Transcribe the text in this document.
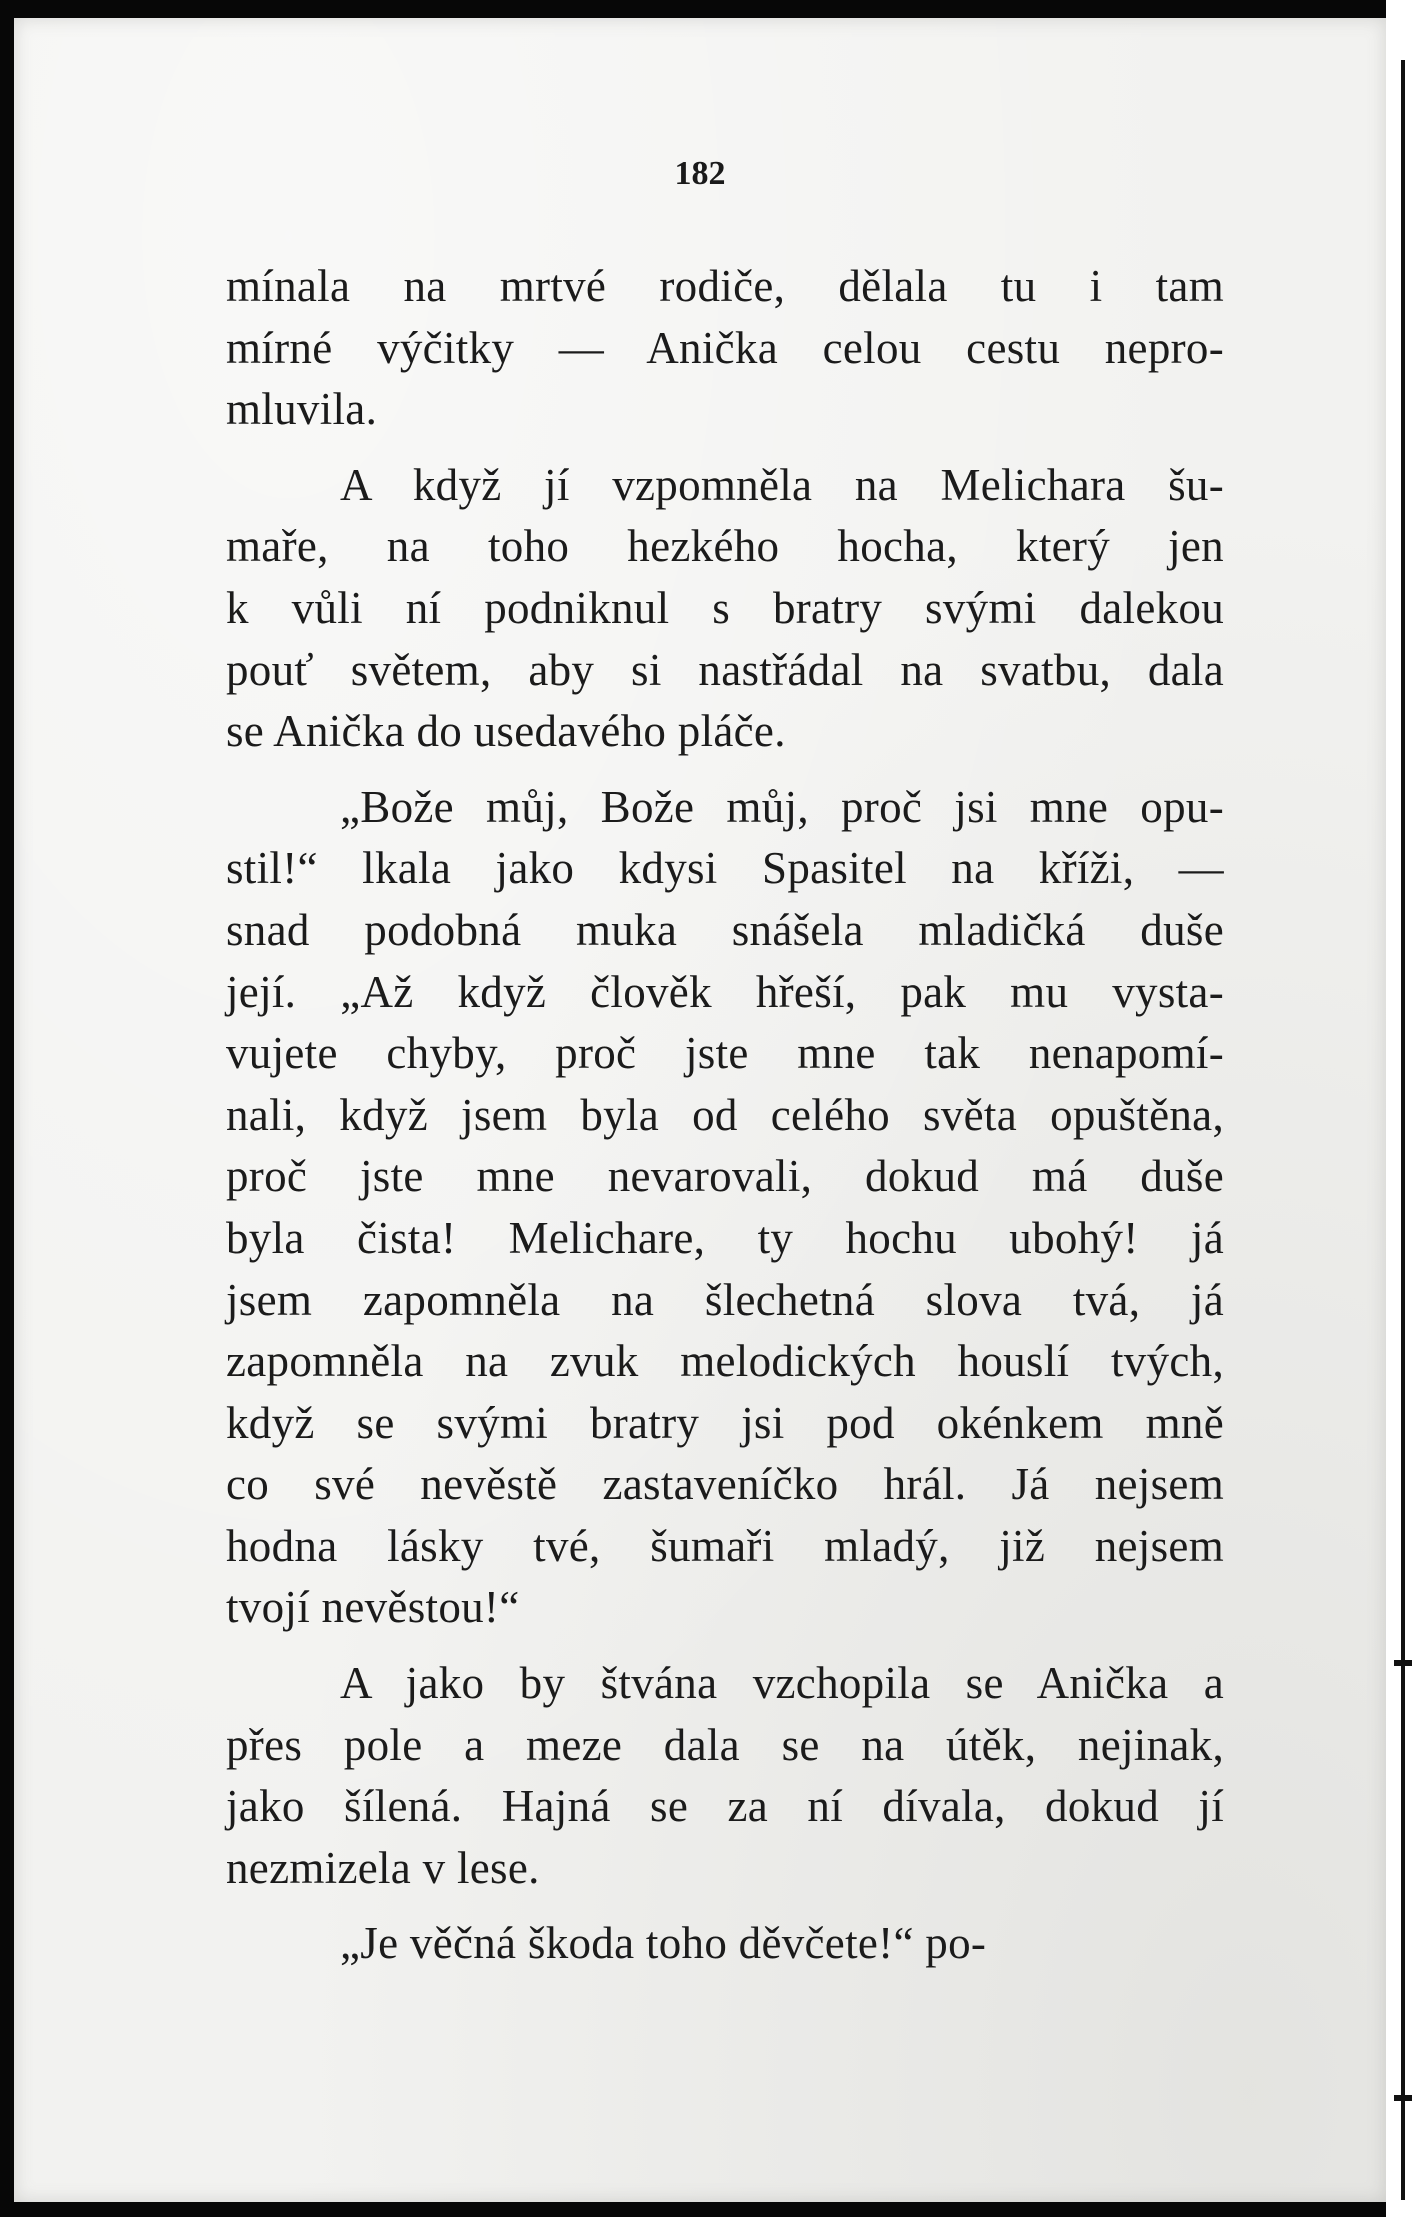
182
mínala na mrtvé rodiče, dělala tu i tam
mírné výčitky — Anička celou cestu nepro-
mluvila.
A když jí vzpomněla na Melichara šu-
maře, na toho hezkého hocha, který jen
k vůli ní podniknul s bratry svými dalekou
pouť světem, aby si nastřádal na svatbu, dala
se Anička do usedavého pláče.
„Bože můj, Bože můj, proč jsi mne opu-
stil!“ lkala jako kdysi Spasitel na kříži, —
snad podobná muka snášela mladičká duše
její. „Až když člověk hřeší, pak mu vysta-
vujete chyby, proč jste mne tak nenapomí-
nali, když jsem byla od celého světa opuštěna,
proč jste mne nevarovali, dokud má duše
byla čista! Melichare, ty hochu ubohý! já
jsem zapomněla na šlechetná slova tvá, já
zapomněla na zvuk melodických houslí tvých,
když se svými bratry jsi pod okénkem mně
co své nevěstě zastaveníčko hrál. Já nejsem
hodna lásky tvé, šumaři mladý, již nejsem
tvojí nevěstou!“
A jako by štvána vzchopila se Anička a
přes pole a meze dala se na útěk, nejinak,
jako šílená. Hajná se za ní dívala, dokud jí
nezmizela v lese.
„Je věčná škoda toho děvčete!“ po-
